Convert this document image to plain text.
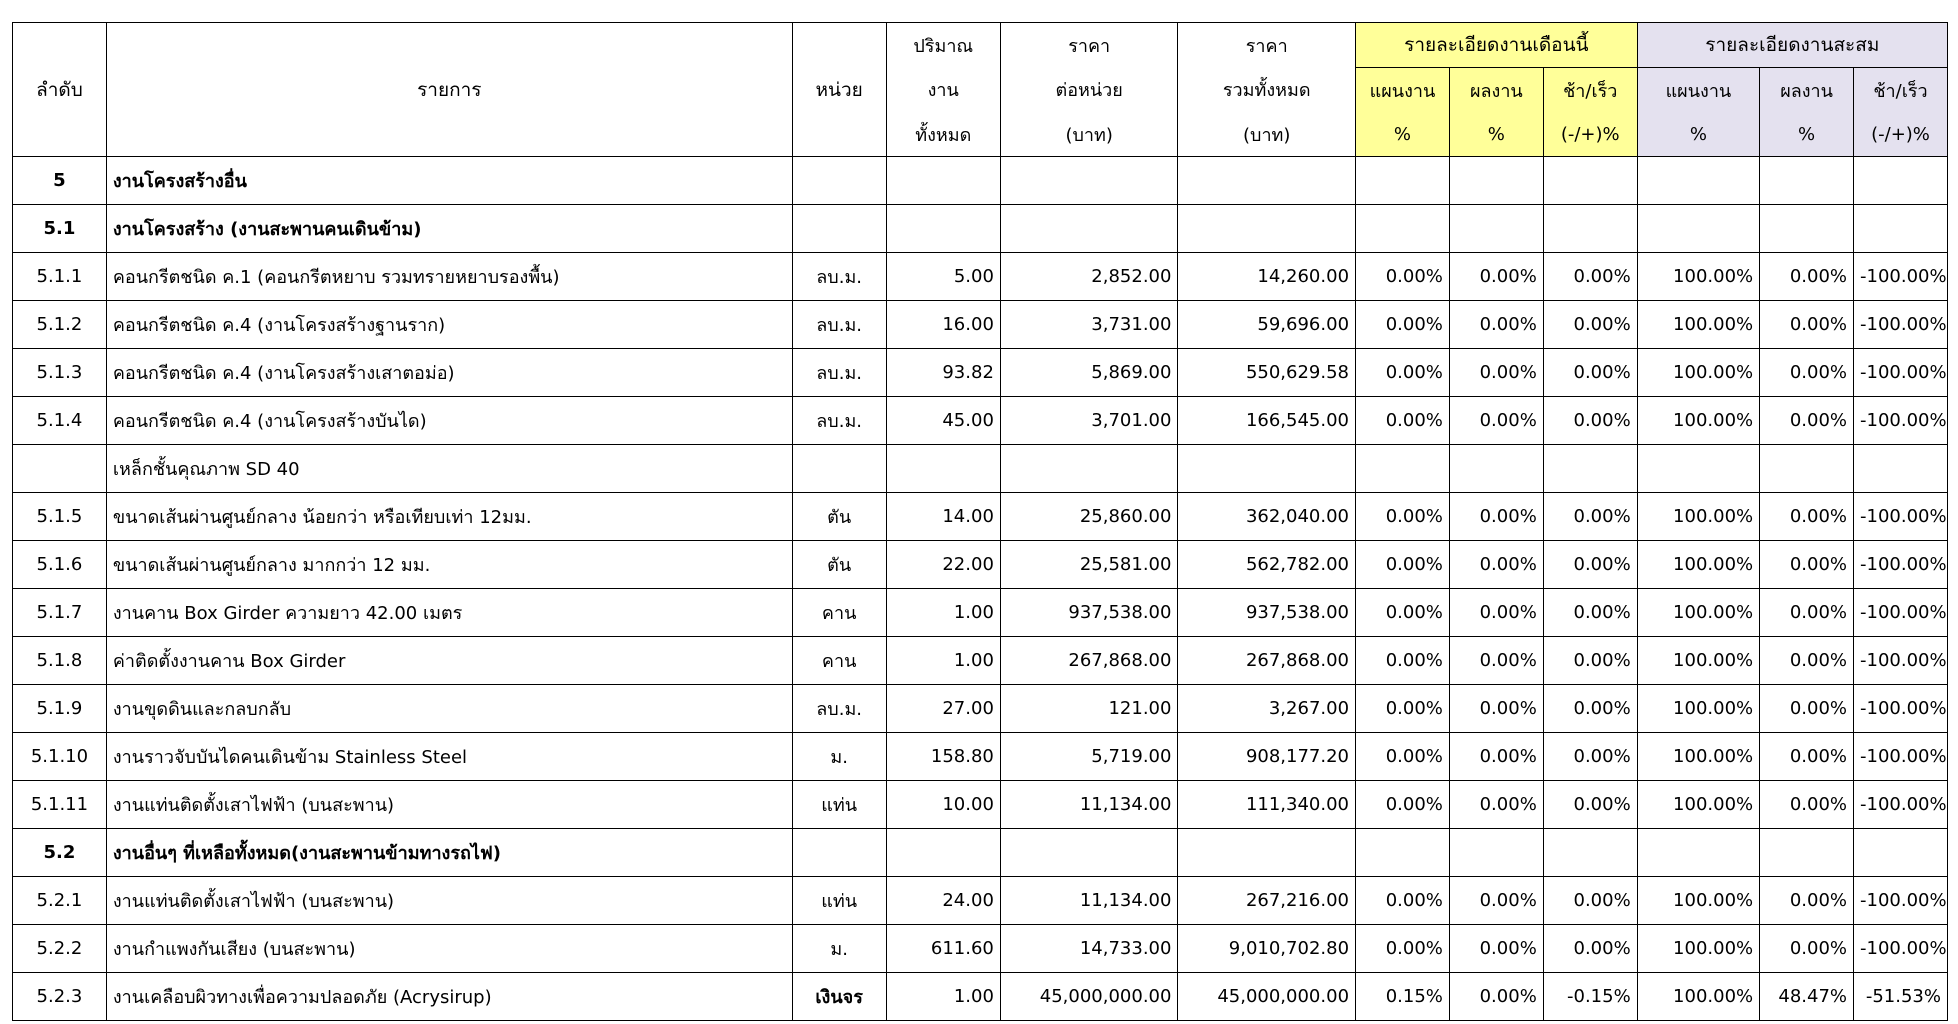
ลำดับ	รายการ	หน่วย	ปริมาณ	ราคา	ราคา	รายละเอียดงานเดือนนี้			รายละเอียดงานสะสม		
			งาน	ต่อหน่วย	รวมทั้งหมด	แผนงาน	ผลงาน	ช้า/เร็ว	แผนงาน	ผลงาน	ช้า/เร็ว
			ทั้งหมด	(บาท)	(บาท)	%	%	(-/+)%	%	%	(-/+)%
5	งานโครงสร้างอื่น										
5.1	งานโครงสร้าง (งานสะพานคนเดินข้าม)										
5.1.1	คอนกรีตชนิด ค.1 (คอนกรีตหยาบ รวมทรายหยาบรองพื้น)	ลบ.ม.	5.00	2,852.00	14,260.00	0.00%	0.00%	0.00%	100.00%	0.00%	-100.00%
5.1.2	คอนกรีตชนิด ค.4 (งานโครงสร้างฐานราก)	ลบ.ม.	16.00	3,731.00	59,696.00	0.00%	0.00%	0.00%	100.00%	0.00%	-100.00%
5.1.3	คอนกรีตชนิด ค.4 (งานโครงสร้างเสาตอม่อ)	ลบ.ม.	93.82	5,869.00	550,629.58	0.00%	0.00%	0.00%	100.00%	0.00%	-100.00%
5.1.4	คอนกรีตชนิด ค.4 (งานโครงสร้างบันได)	ลบ.ม.	45.00	3,701.00	166,545.00	0.00%	0.00%	0.00%	100.00%	0.00%	-100.00%
	เหล็กชั้นคุณภาพ SD 40										
5.1.5	ขนาดเส้นผ่านศูนย์กลาง น้อยกว่า หรือเทียบเท่า 12มม.	ตัน	14.00	25,860.00	362,040.00	0.00%	0.00%	0.00%	100.00%	0.00%	-100.00%
5.1.6	ขนาดเส้นผ่านศูนย์กลาง มากกว่า 12 มม.	ตัน	22.00	25,581.00	562,782.00	0.00%	0.00%	0.00%	100.00%	0.00%	-100.00%
5.1.7	งานคาน Box Girder ความยาว 42.00 เมตร	คาน	1.00	937,538.00	937,538.00	0.00%	0.00%	0.00%	100.00%	0.00%	-100.00%
5.1.8	ค่าติดตั้งงานคาน Box Girder	คาน	1.00	267,868.00	267,868.00	0.00%	0.00%	0.00%	100.00%	0.00%	-100.00%
5.1.9	งานขุดดินและกลบกลับ	ลบ.ม.	27.00	121.00	3,267.00	0.00%	0.00%	0.00%	100.00%	0.00%	-100.00%
5.1.10	งานราวจับบันไดคนเดินข้าม Stainless Steel	ม.	158.80	5,719.00	908,177.20	0.00%	0.00%	0.00%	100.00%	0.00%	-100.00%
5.1.11	งานแท่นติดตั้งเสาไฟฟ้า (บนสะพาน)	แท่น	10.00	11,134.00	111,340.00	0.00%	0.00%	0.00%	100.00%	0.00%	-100.00%
5.2	งานอื่นๆ ที่เหลือทั้งหมด(งานสะพานข้ามทางรถไฟ)										
5.2.1	งานแท่นติดตั้งเสาไฟฟ้า (บนสะพาน)	แท่น	24.00	11,134.00	267,216.00	0.00%	0.00%	0.00%	100.00%	0.00%	-100.00%
5.2.2	งานกำแพงกันเสียง (บนสะพาน)	ม.	611.60	14,733.00	9,010,702.80	0.00%	0.00%	0.00%	100.00%	0.00%	-100.00%
5.2.3	งานเคลือบผิวทางเพื่อความปลอดภัย (Acrysirup)	เงินจร	1.00	45,000,000.00	45,000,000.00	0.15%	0.00%	-0.15%	100.00%	48.47%	-51.53%
